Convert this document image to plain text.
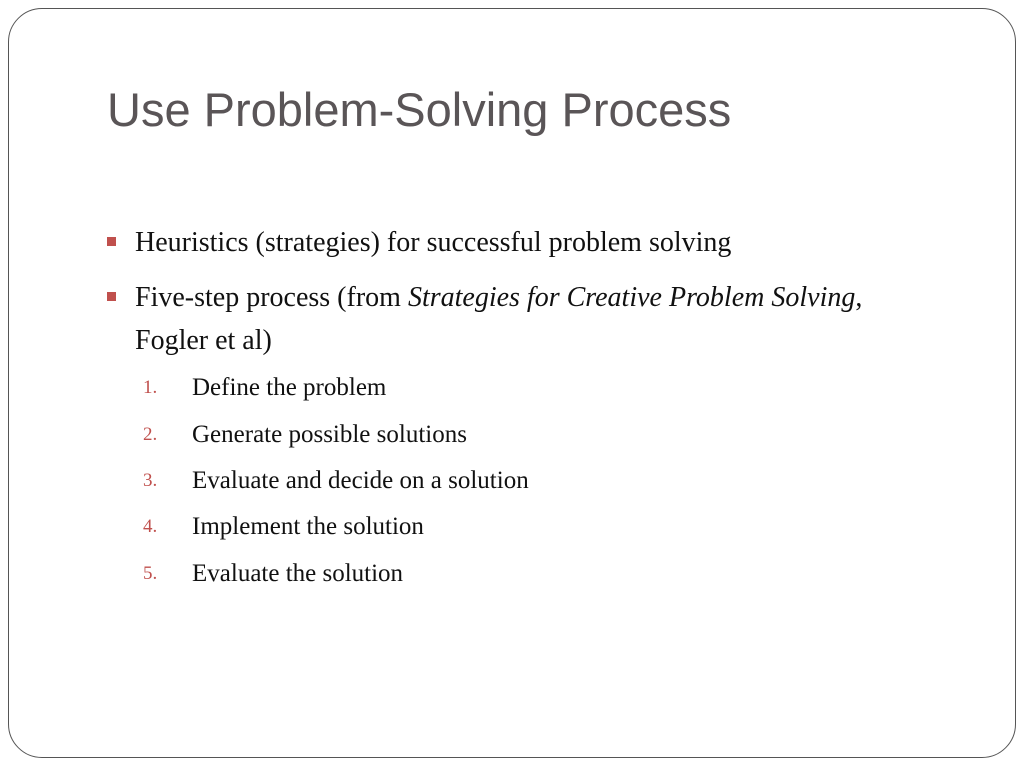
Use Problem-Solving Process
Heuristics (strategies) for successful problem solving
Five-step process (from Strategies for Creative Problem Solving,
Fogler et al)
1.	Define the problem
2.	Generate possible solutions
3.	Evaluate and decide on a solution
4.	Implement the solution
5.	Evaluate the solution
